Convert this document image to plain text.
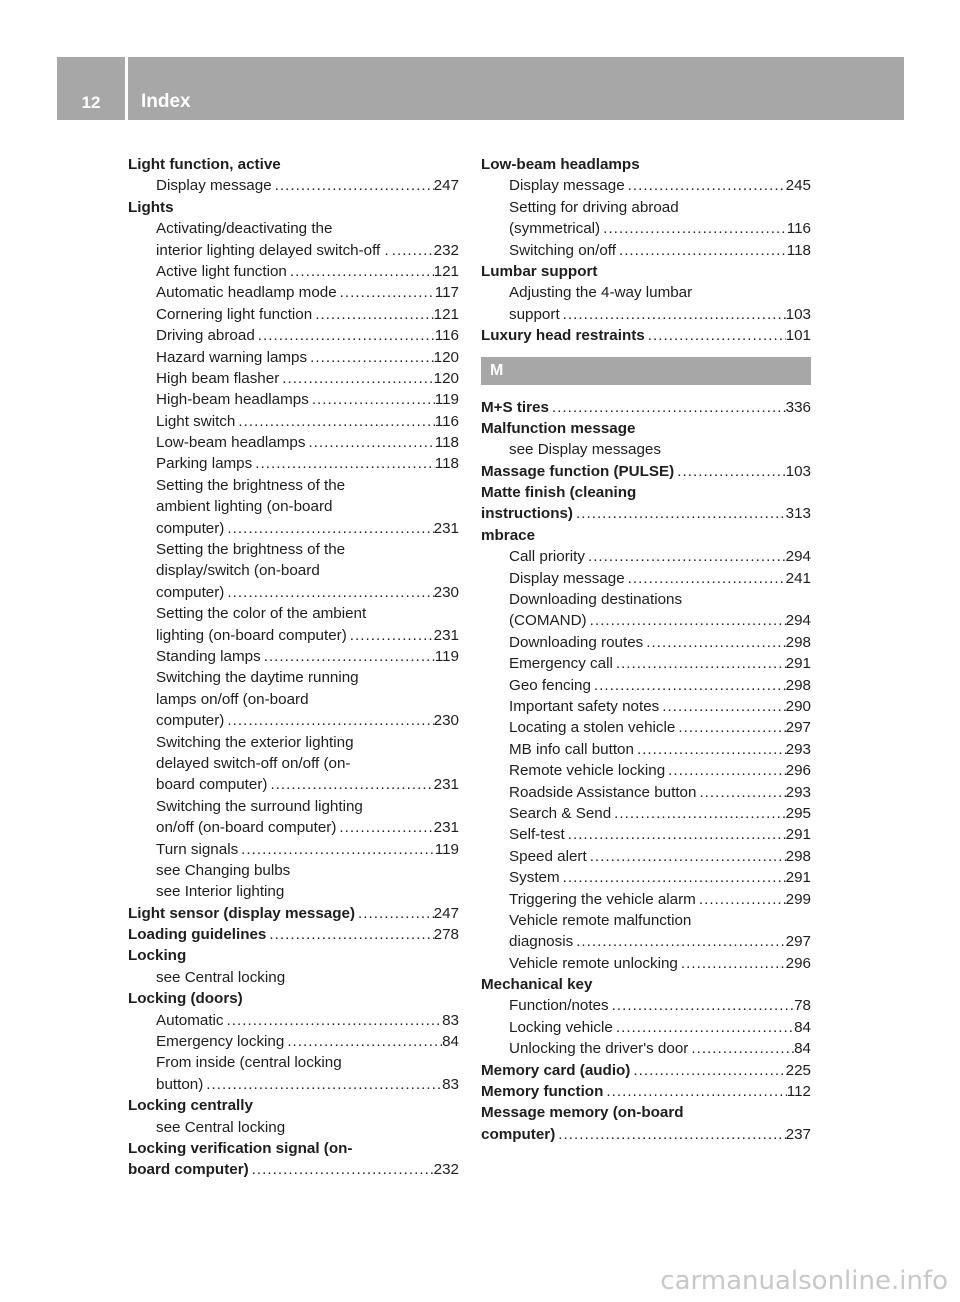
12	Index
Light function, active
Display message . . .	247
Lights
Activating/deactivating the
interior lighting delayed switch-off . . . .	232
Active light function . . .	121
Automatic headlamp mode . . .	117
Cornering light function . . .	121
Driving abroad . . .	116
Hazard warning lamps . . .	120
High beam flasher . . .	120
High-beam headlamps . . .	119
Light switch . . .	116
Low-beam headlamps . . .	118
Parking lamps . . .	118
Setting the brightness of the
ambient lighting (on-board
computer) . . .	231
Setting the brightness of the
display/switch (on-board
computer) . . .	230
Setting the color of the ambient
lighting (on-board computer) . . .	231
Standing lamps . . .	119
Switching the daytime running
lamps on/off (on-board
computer) . . .	230
Switching the exterior lighting
delayed switch-off on/off (on-
board computer) . . .	231
Switching the surround lighting
on/off (on-board computer) . . .	231
Turn signals . . .	119
see Changing bulbs
see Interior lighting
Light sensor (display message) . . .	247
Loading guidelines . . .	278
Locking
see Central locking
Locking (doors)
Automatic . . .	83
Emergency locking . . .	84
From inside (central locking
button) . . .	83
Locking centrally
see Central locking
Locking verification signal (on-
board computer) . . .	232
Low-beam headlamps
Display message . . .	245
Setting for driving abroad
(symmetrical) . . .	116
Switching on/off . . .	118
Lumbar support
Adjusting the 4-way lumbar
support . . .	103
Luxury head restraints . . .	101
M
M+S tires . . .	336
Malfunction message
see Display messages
Massage function (PULSE) . . .	103
Matte finish (cleaning
instructions) . . .	313
mbrace
Call priority . . .	294
Display message . . .	241
Downloading destinations
(COMAND) . . .	294
Downloading routes . . .	298
Emergency call . . .	291
Geo fencing . . .	298
Important safety notes . . .	290
Locating a stolen vehicle . . .	297
MB info call button . . .	293
Remote vehicle locking . . .	296
Roadside Assistance button . . .	293
Search & Send . . .	295
Self-test . . .	291
Speed alert . . .	298
System . . .	291
Triggering the vehicle alarm . . .	299
Vehicle remote malfunction
diagnosis . . .	297
Vehicle remote unlocking . . .	296
Mechanical key
Function/notes . . .	78
Locking vehicle . . .	84
Unlocking the driver's door . . .	84
Memory card (audio) . . .	225
Memory function . . .	112
Message memory (on-board
computer) . . .	237
carmanualsonline.info
